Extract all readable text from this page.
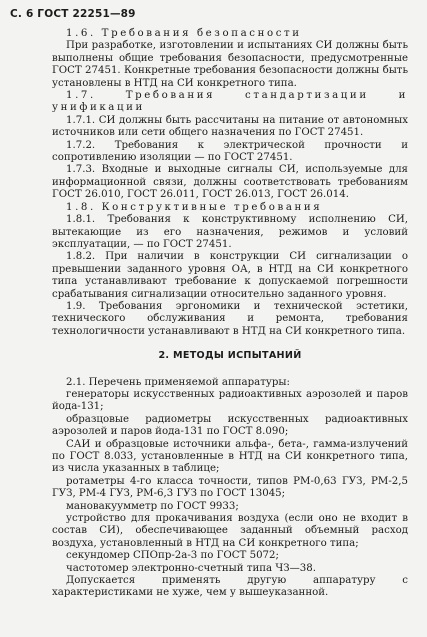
С. 6 ГОСТ 22251—89

1.6. Требования безопасности

При разработке, изготовлении и испытаниях СИ должны быть выполнены общие требования безопасности, предусмотренные ГОСТ 27451. Конкретные требования безопасности должны быть установлены в НТД на СИ конкретного типа.

1.7. Требования стандартизации и унификации

1.7.1. СИ должны быть рассчитаны на питание от автономных источников или сети общего назначения по ГОСТ 27451.

1.7.2. Требования к электрической прочности и сопротивлению изоляции — по ГОСТ 27451.

1.7.3. Входные и выходные сигналы СИ, используемые для информационной связи, должны соответствовать требованиям ГОСТ 26.010, ГОСТ 26.011, ГОСТ 26.013, ГОСТ 26.014.

1.8. Конструктивные требования

1.8.1. Требования к конструктивному исполнению СИ, вытекающие из его назначения, режимов и условий эксплуатации, — по ГОСТ 27451.

1.8.2. При наличии в конструкции СИ сигнализации о превышении заданного уровня ОА, в НТД на СИ конкретного типа устанавливают требование к допускаемой погрешности срабатывания сигнализации относительно заданного уровня.

1.9. Требования эргономики и технической эстетики, технического обслуживания и ремонта, требования технологичности устанавливают в НТД на СИ конкретного типа.

2. МЕТОДЫ ИСПЫТАНИЙ

2.1. Перечень применяемой аппаратуры:

генераторы искусственных радиоактивных аэрозолей и паров йода-131;

образцовые радиометры искусственных радиоактивных аэрозолей и паров йода-131 по ГОСТ 8.090;

САИ и образцовые источники альфа-, бета-, гамма-излучений по ГОСТ 8.033, установленные в НТД на СИ конкретного типа, из числа указанных в таблице;

ротаметры 4-го класса точности, типов РМ-0,63 ГУЗ, РМ-2,5 ГУЗ, РМ-4 ГУЗ, РМ-6,3 ГУЗ по ГОСТ 13045;

мановакуумметр по ГОСТ 9933;

устройство для прокачивания воздуха (если оно не входит в состав СИ), обеспечивающее заданный объемный расход воздуха, установленный в НТД на СИ конкретного типа;

секундомер СПОпр-2а-3 по ГОСТ 5072;

частотомер электронно-счетный типа ЧЗ—38.

Допускается применять другую аппаратуру с характеристиками не хуже, чем у вышеуказанной.
